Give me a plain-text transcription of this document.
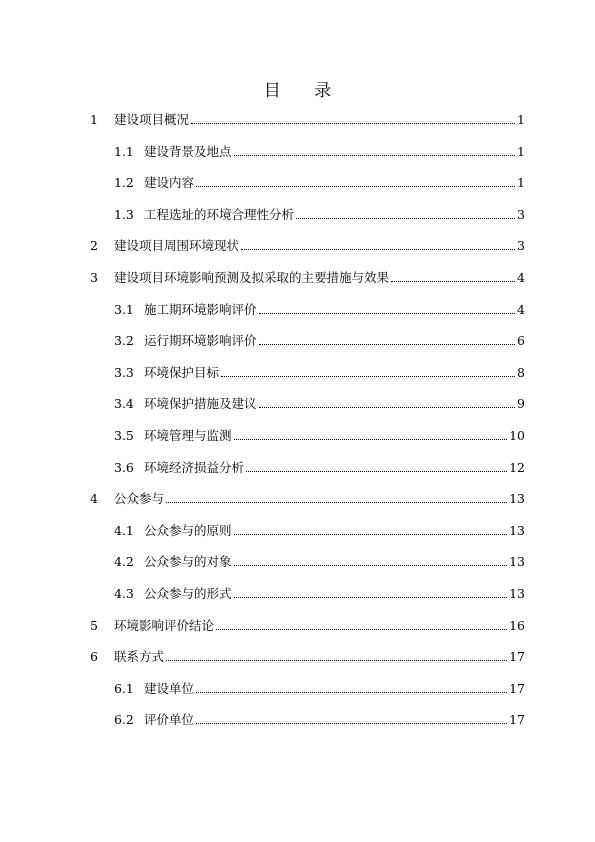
目 录
1	建设项目概况	1
1.1 建设背景及地点	1
1.2 建设内容	1
1.3 工程选址的环境合理性分析	3
2	建设项目周围环境现状	3
3	建设项目环境影响预测及拟采取的主要措施与效果	4
3.1 施工期环境影响评价	4
3.2 运行期环境影响评价	6
3.3 环境保护目标	8
3.4 环境保护措施及建议	9
3.5 环境管理与监测	10
3.6 环境经济损益分析	12
4	公众参与	13
4.1 公众参与的原则	13
4.2 公众参与的对象	13
4.3 公众参与的形式	13
5	环境影响评价结论	16
6	联系方式	17
6.1 建设单位	17
6.2 评价单位	17
